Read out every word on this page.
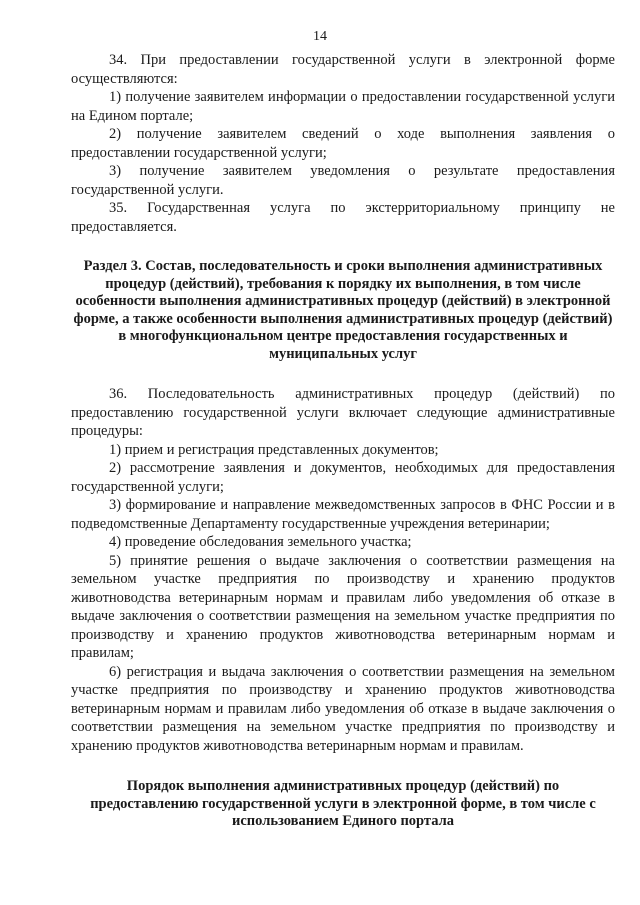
14

34. При предоставлении государственной услуги в электронной форме осуществляются:

1) получение заявителем информации о предоставлении государственной услуги на Едином портале;

2) получение заявителем сведений о ходе выполнения заявления о предоставлении государственной услуги;

3) получение заявителем уведомления о результате предоставления государственной услуги.

35. Государственная услуга по экстерриториальному принципу не предоставляется.

Раздел 3. Состав, последовательность и сроки выполнения административных процедур (действий), требования к порядку их выполнения, в том числе особенности выполнения административных процедур (действий) в электронной форме, а также особенности выполнения административных процедур (действий) в многофункциональном центре предоставления государственных и муниципальных услуг

36. Последовательность административных процедур (действий) по предоставлению государственной услуги включает следующие административные процедуры:

1) прием и регистрация представленных документов;

2) рассмотрение заявления и документов, необходимых для предоставления государственной услуги;

3) формирование и направление межведомственных запросов в ФНС России и в подведомственные Департаменту государственные учреждения ветеринарии;

4) проведение обследования земельного участка;

5) принятие решения о выдаче заключения о соответствии размещения на земельном участке предприятия по производству и хранению продуктов животноводства ветеринарным нормам и правилам либо уведомления об отказе в выдаче заключения о соответствии размещения на земельном участке предприятия по производству и хранению продуктов животноводства ветеринарным нормам и правилам;

6) регистрация и выдача заключения о соответствии размещения на земельном участке предприятия по производству и хранению продуктов животноводства ветеринарным нормам и правилам либо уведомления об отказе в выдаче заключения о соответствии размещения на земельном участке предприятия по производству и хранению продуктов животноводства ветеринарным нормам и правилам.

Порядок выполнения административных процедур (действий) по предоставлению государственной услуги в электронной форме, в том числе с использованием Единого портала
